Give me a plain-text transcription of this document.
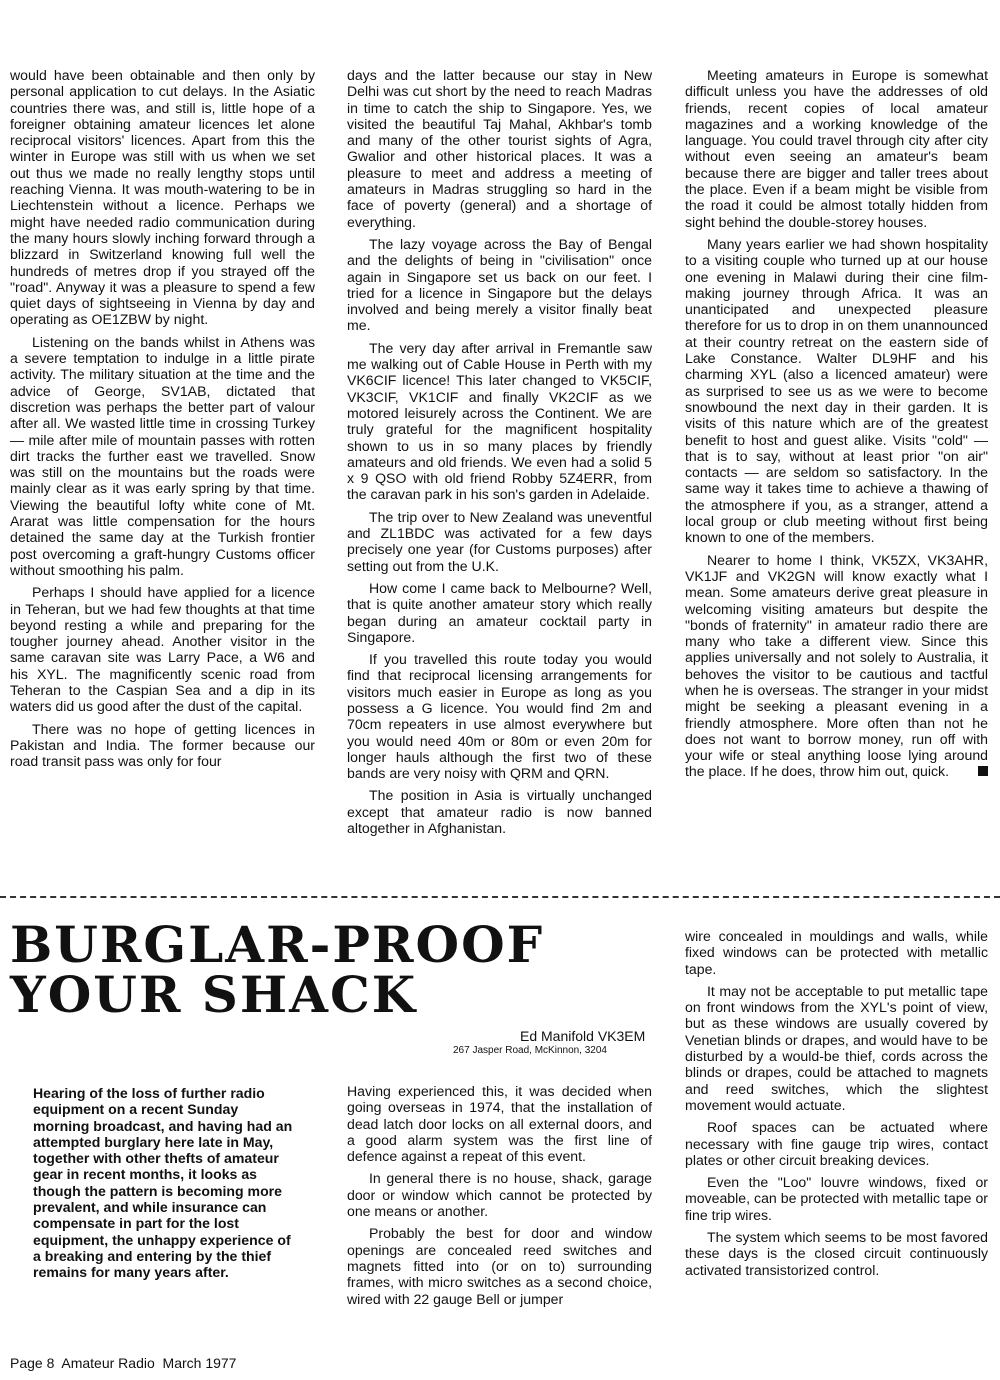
would have been obtainable and then only by personal application to cut delays. In the Asiatic countries there was, and still is, little hope of a foreigner obtaining amateur licences let alone reciprocal visitors' licences. Apart from this the winter in Europe was still with us when we set out thus we made no really lengthy stops until reaching Vienna. It was mouth-watering to be in Liechtenstein without a licence. Perhaps we might have needed radio communication during the many hours slowly inching forward through a blizzard in Switzerland knowing full well the hundreds of metres drop if you strayed off the "road". Anyway it was a pleasure to spend a few quiet days of sightseeing in Vienna by day and operating as OE1ZBW by night.

Listening on the bands whilst in Athens was a severe temptation to indulge in a little pirate activity. The military situation at the time and the advice of George, SV1AB, dictated that discretion was perhaps the better part of valour after all. We wasted little time in crossing Turkey — mile after mile of mountain passes with rotten dirt tracks the further east we travelled. Snow was still on the mountains but the roads were mainly clear as it was early spring by that time. Viewing the beautiful lofty white cone of Mt. Ararat was little compensation for the hours detained the same day at the Turkish frontier post overcoming a graft-hungry Customs officer without smoothing his palm.

Perhaps I should have applied for a licence in Teheran, but we had few thoughts at that time beyond resting a while and preparing for the tougher journey ahead. Another visitor in the same caravan site was Larry Pace, a W6 and his XYL. The magnificently scenic road from Teheran to the Caspian Sea and a dip in its waters did us good after the dust of the capital.

There was no hope of getting licences in Pakistan and India. The former because our road transit pass was only for four

days and the latter because our stay in New Delhi was cut short by the need to reach Madras in time to catch the ship to Singapore. Yes, we visited the beautiful Taj Mahal, Akhbar's tomb and many of the other tourist sights of Agra, Gwalior and other historical places. It was a pleasure to meet and address a meeting of amateurs in Madras struggling so hard in the face of poverty (general) and a shortage of everything.

The lazy voyage across the Bay of Bengal and the delights of being in "civilisation" once again in Singapore set us back on our feet. I tried for a licence in Singapore but the delays involved and being merely a visitor finally beat me.

The very day after arrival in Fremantle saw me walking out of Cable House in Perth with my VK6CIF licence! This later changed to VK5CIF, VK3CIF, VK1CIF and finally VK2CIF as we motored leisurely across the Continent. We are truly grateful for the magnificent hospitality shown to us in so many places by friendly amateurs and old friends. We even had a solid 5 x 9 QSO with old friend Robby 5Z4ERR, from the caravan park in his son's garden in Adelaide.

The trip over to New Zealand was uneventful and ZL1BDC was activated for a few days precisely one year (for Customs purposes) after setting out from the U.K.

How come I came back to Melbourne? Well, that is quite another amateur story which really began during an amateur cocktail party in Singapore.

If you travelled this route today you would find that reciprocal licensing arrangements for visitors much easier in Europe as long as you possess a G licence. You would find 2m and 70cm repeaters in use almost everywhere but you would need 40m or 80m or even 20m for longer hauls although the first two of these bands are very noisy with QRM and QRN.

The position in Asia is virtually unchanged except that amateur radio is now banned altogether in Afghanistan.

Meeting amateurs in Europe is somewhat difficult unless you have the addresses of old friends, recent copies of local amateur magazines and a working knowledge of the language. You could travel through city after city without even seeing an amateur's beam because there are bigger and taller trees about the place. Even if a beam might be visible from the road it could be almost totally hidden from sight behind the double-storey houses.

Many years earlier we had shown hospitality to a visiting couple who turned up at our house one evening in Malawi during their cine film-making journey through Africa. It was an unanticipated and unexpected pleasure therefore for us to drop in on them unannounced at their country retreat on the eastern side of Lake Constance. Walter DL9HF and his charming XYL (also a licenced amateur) were as surprised to see us as we were to become snowbound the next day in their garden. It is visits of this nature which are of the greatest benefit to host and guest alike. Visits "cold" — that is to say, without at least prior "on air" contacts — are seldom so satisfactory. In the same way it takes time to achieve a thawing of the atmosphere if you, as a stranger, attend a local group or club meeting without first being known to one of the members.

Nearer to home I think, VK5ZX, VK3AHR, VK1JF and VK2GN will know exactly what I mean. Some amateurs derive great pleasure in welcoming visiting amateurs but despite the "bonds of fraternity" in amateur radio there are many who take a different view. Since this applies universally and not solely to Australia, it behoves the visitor to be cautious and tactful when he is overseas. The stranger in your midst might be seeking a pleasant evening in a friendly atmosphere. More often than not he does not want to borrow money, run off with your wife or steal anything loose lying around the place. If he does, throw him out, quick.

BURGLAR-PROOF
YOUR SHACK
Ed Manifold VK3EM
267 Jasper Road, McKinnon, 3204

Hearing of the loss of further radio equipment on a recent Sunday morning broadcast, and having had an attempted burglary here late in May, together with other thefts of amateur gear in recent months, it looks as though the pattern is becoming more prevalent, and while insurance can compensate in part for the lost equipment, the unhappy experience of a breaking and entering by the thief remains for many years after.

Having experienced this, it was decided when going overseas in 1974, that the installation of dead latch door locks on all external doors, and a good alarm system was the first line of defence against a repeat of this event.

In general there is no house, shack, garage door or window which cannot be protected by one means or another.

Probably the best for door and window openings are concealed reed switches and magnets fitted into (or on to) surrounding frames, with micro switches as a second choice, wired with 22 gauge Bell or jumper

wire concealed in mouldings and walls, while fixed windows can be protected with metallic tape.

It may not be acceptable to put metallic tape on front windows from the XYL's point of view, but as these windows are usually covered by Venetian blinds or drapes, and would have to be disturbed by a would-be thief, cords across the blinds or drapes, could be attached to magnets and reed switches, which the slightest movement would actuate.

Roof spaces can be actuated where necessary with fine gauge trip wires, contact plates or other circuit breaking devices.

Even the "Loo" louvre windows, fixed or moveable, can be protected with metallic tape or fine trip wires.

The system which seems to be most favored these days is the closed circuit continuously activated transistorized control.

Page 8  Amateur Radio  March 1977
